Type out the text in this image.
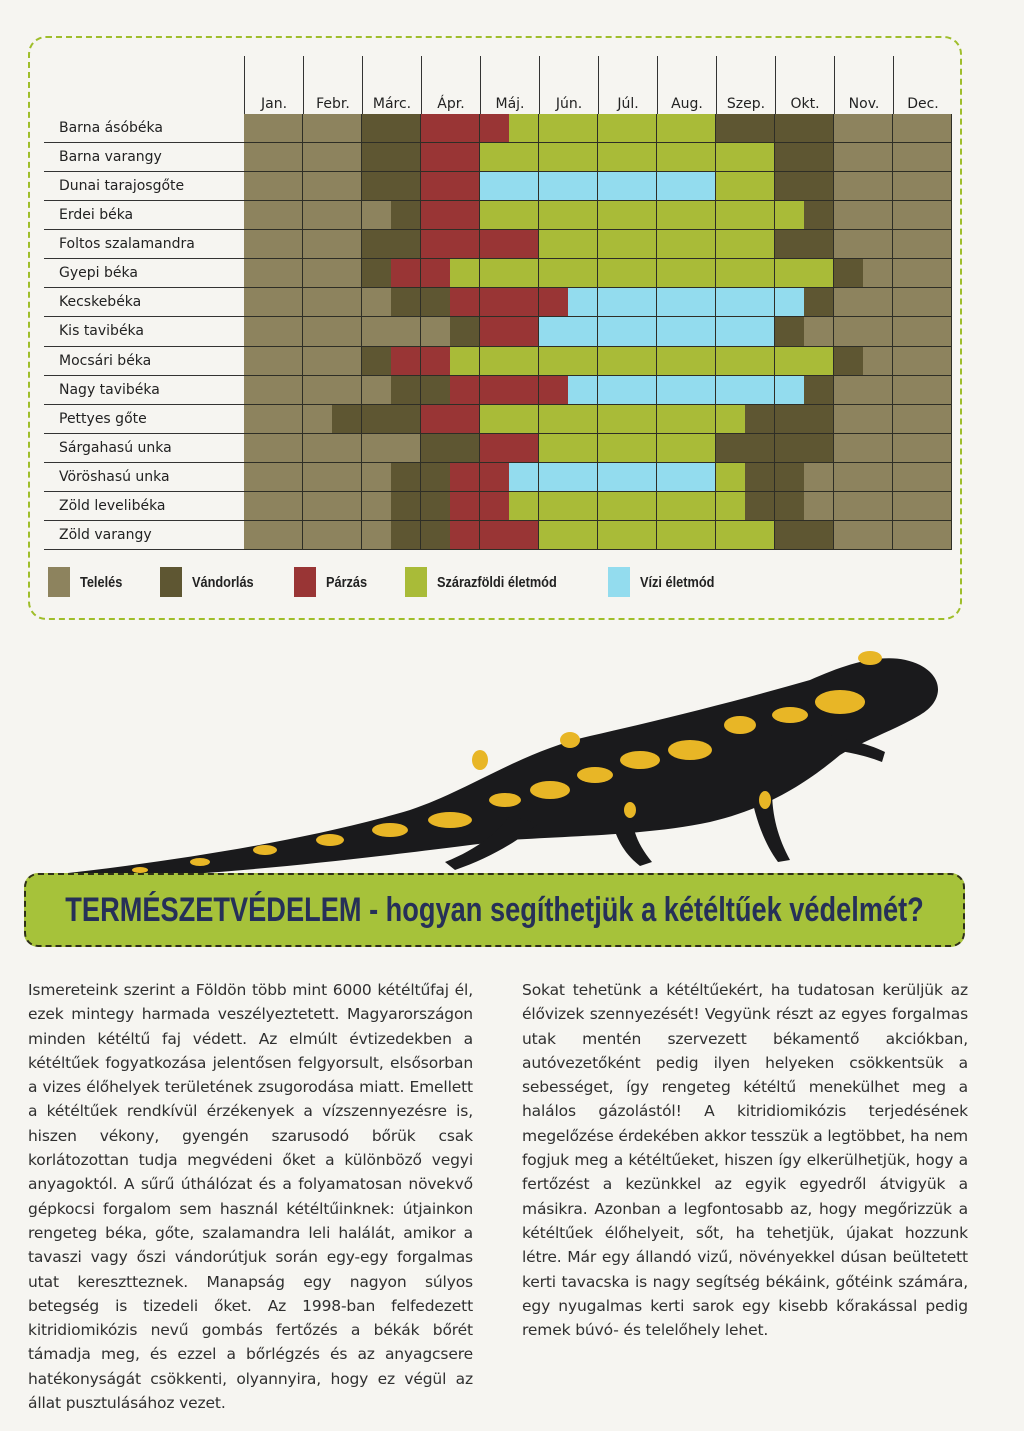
Jan.	Febr.	Márc.	Ápr.	Máj.	Jún.	Júl.	Aug.	Szep.	Okt.	Nov.	Dec.
Barna ásóbéka
Barna varangy
Dunai tarajosgőte
Erdei béka
Foltos szalamandra
Gyepi béka
Kecskebéka
Kis tavibéka
Mocsári béka
Nagy tavibéka
Pettyes gőte
Sárgahasú unka
Vöröshasú unka
Zöld levelibéka
Zöld varangy
Telelés	Vándorlás	Párzás	Szárazföldi életmód	Vízi életmód
TERMÉSZETVÉDELEM - hogyan segíthetjük a kétéltűek védelmét?
Ismereteink szerint a Földön több mint 6000 kétéltűfaj él, ezek mintegy harmada veszélyeztetett. Magyarországon minden kétéltű faj védett. Az elmúlt évtizedekben a kétéltűek fogyatkozása jelentősen felgyorsult, elsősorban a vizes élőhelyek területének zsugorodása miatt. Emellett a kétéltűek rendkívül érzékenyek a vízszennyezésre is, hiszen vékony, gyengén szarusodó bőrük csak korlátozottan tudja megvédeni őket a különböző vegyi anyagoktól. A sűrű úthálózat és a folyamatosan növekvő gépkocsi forgalom sem használ kétéltűinknek: útjainkon rengeteg béka, gőte, szalamandra leli halálát, amikor a tavaszi vagy őszi vándorútjuk során egy-egy forgalmas utat keresztteznek. Manapság egy nagyon súlyos betegség is tizedeli őket. Az 1998-ban felfedezett kitridiomikózis nevű gombás fertőzés a békák bőrét támadja meg, és ezzel a bőrlégzés és az anyagcsere hatékonyságát csökkenti, olyannyira, hogy ez végül az állat pusztulásához vezet.
Sokat tehetünk a kétéltűekért, ha tudatosan kerüljük az élővizek szennyezését! Vegyünk részt az egyes forgalmas utak mentén szervezett békamentő akciókban, autóvezetőként pedig ilyen helyeken csökkentsük a sebességet, így rengeteg kétéltű menekülhet meg a halálos gázolástól! A kitridiomikózis terjedésének megelőzése érdekében akkor tesszük a legtöbbet, ha nem fogjuk meg a kétéltűeket, hiszen így elkerülhetjük, hogy a fertőzést a kezünkkel az egyik egyedről átvigyük a másikra. Azonban a legfontosabb az, hogy megőrizzük a kétéltűek élőhelyeit, sőt, ha tehetjük, újakat hozzunk létre. Már egy állandó vizű, növényekkel dúsan beültetett kerti tavacska is nagy segítség békáink, gőtéink számára, egy nyugalmas kerti sarok egy kisebb kőrakással pedig remek búvó- és telelőhely lehet.
